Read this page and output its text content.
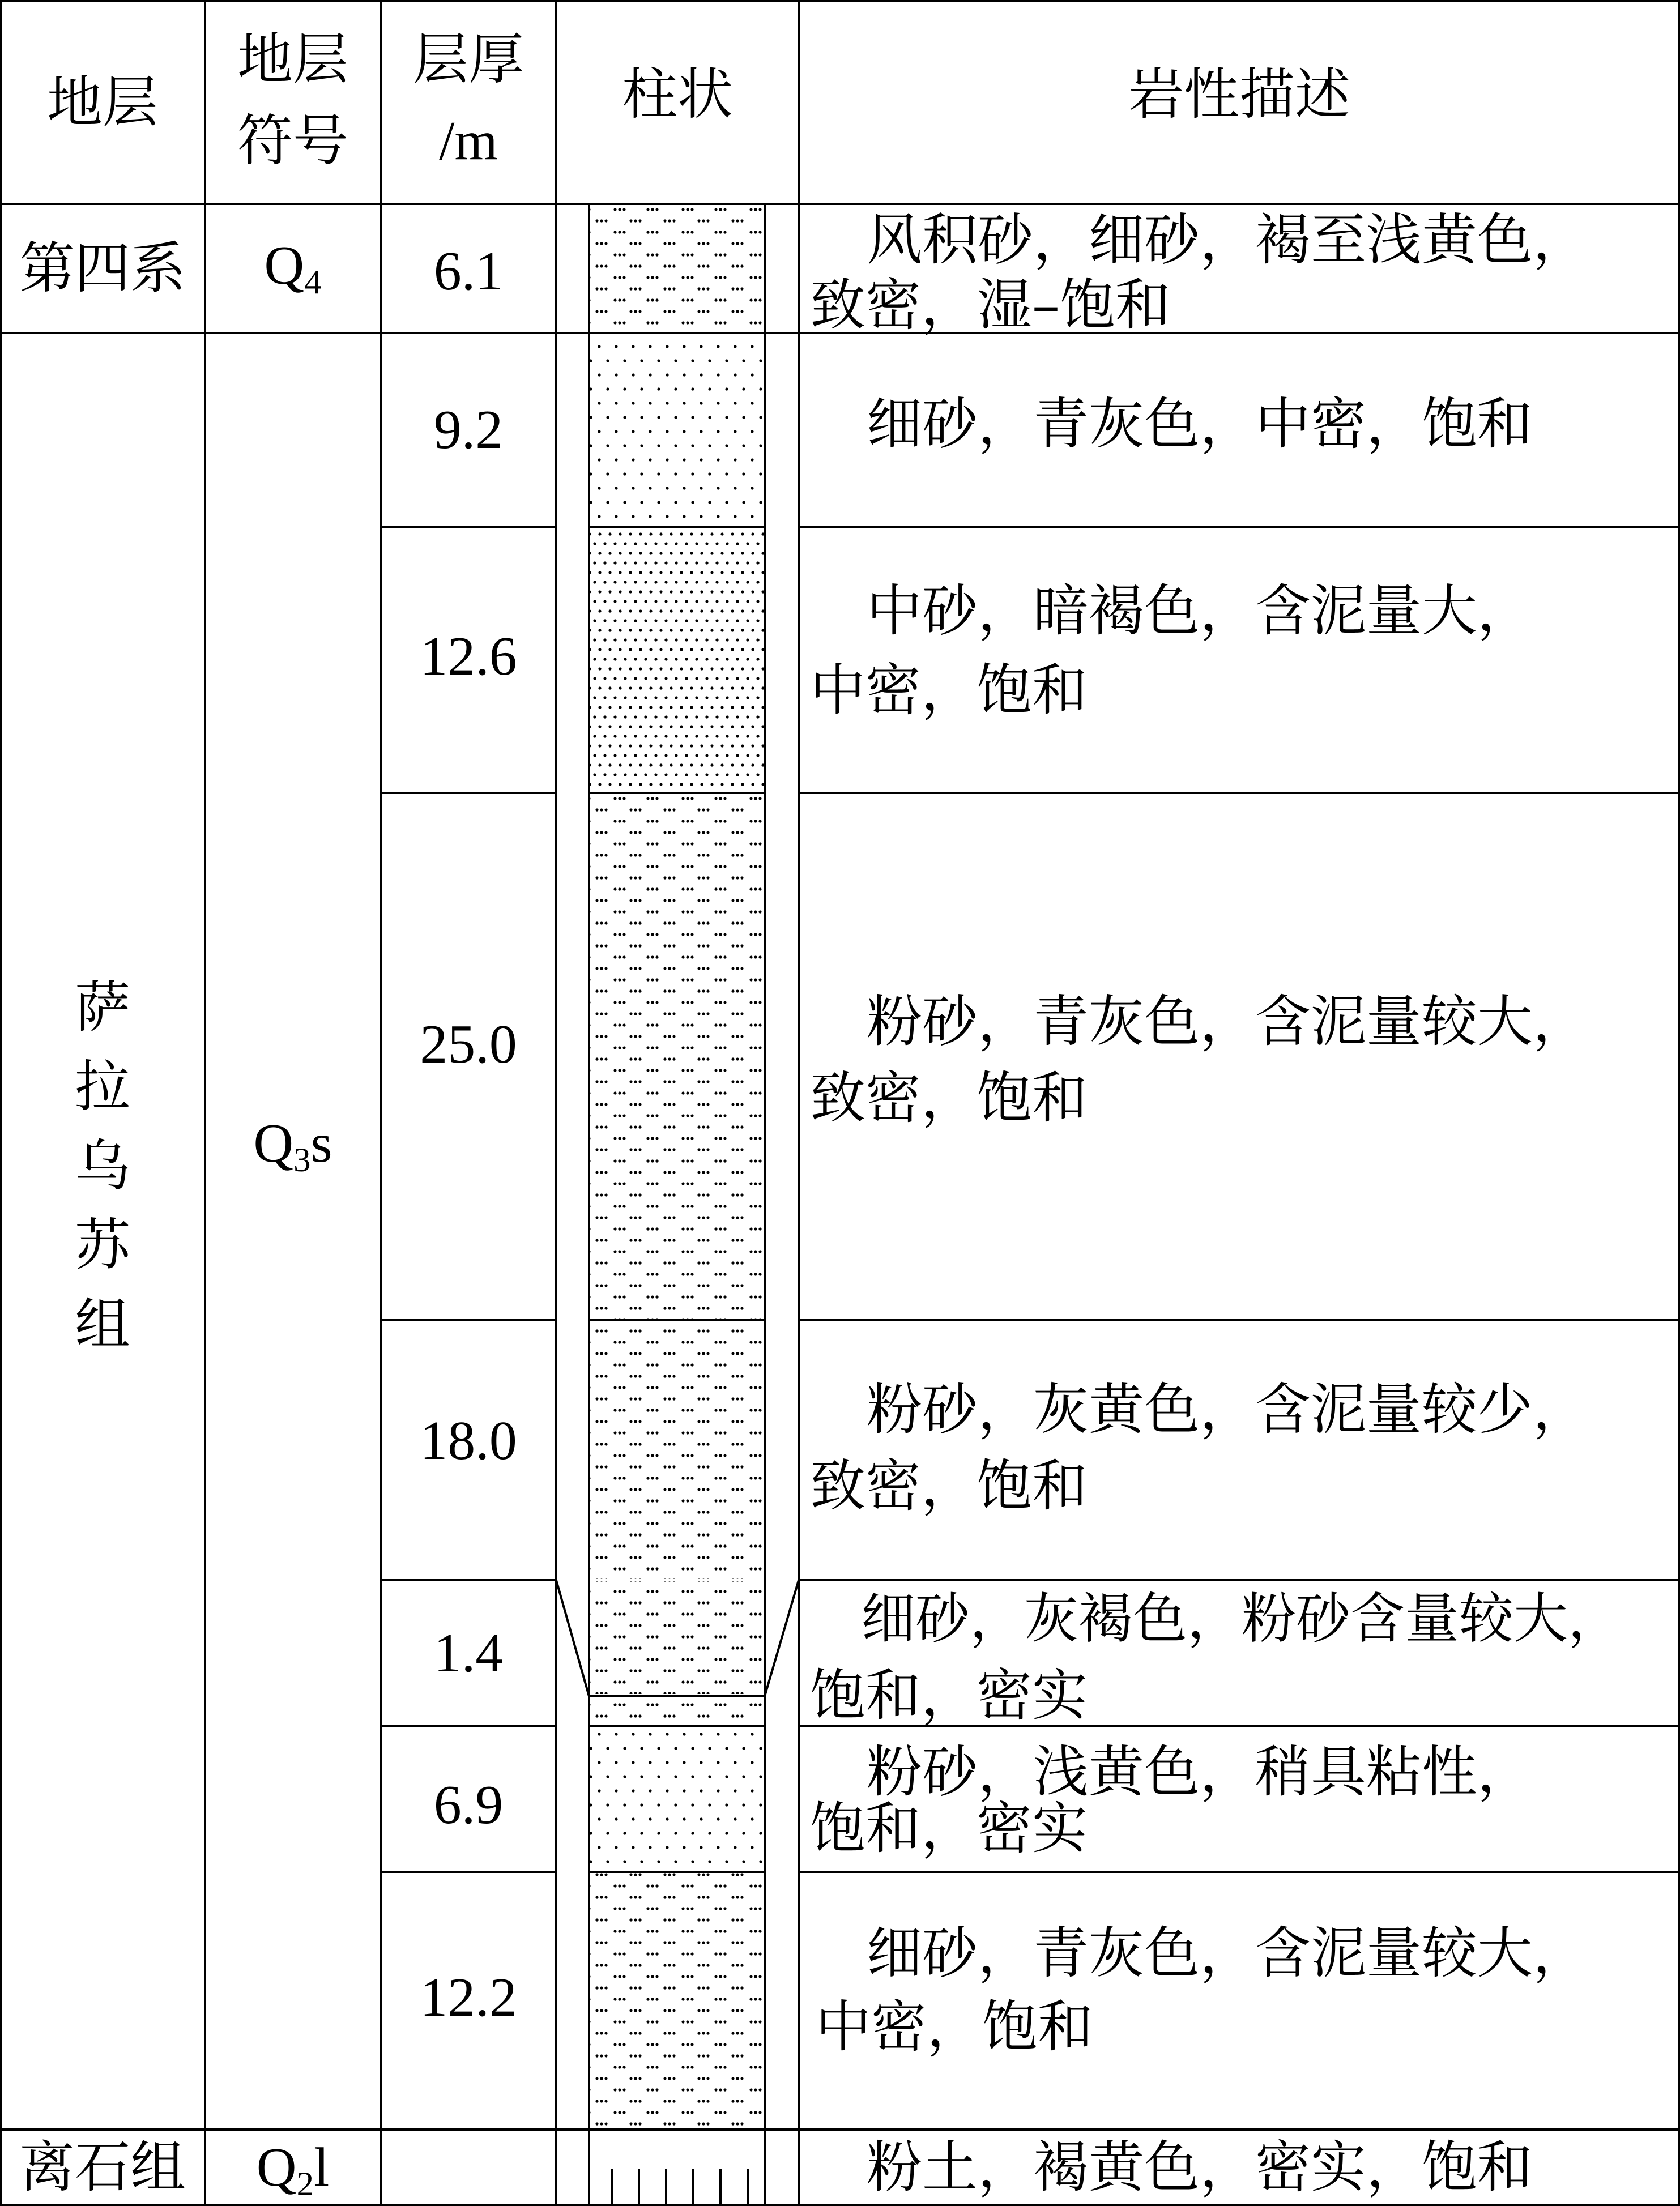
地层
地层
符号
层厚
/m
柱状	岩性描述
第四系
萨
拉
乌
苏
组
离石组
$Q_4$
$Q_3s$
$Q_2l$
6.1
9.2
12.6
25.0
18.0
1.4
6.9
12.2
风积砂，细砂，褐至浅黄色，
致密，湿–饱和
细砂，青灰色，中密，饱和
中砂，暗褐色，含泥量大，
中密，饱和
粉砂，青灰色，含泥量较大，
致密，饱和
粉砂，灰黄色，含泥量较少，
致密，饱和
细砂，灰褐色，粉砂含量较大，
饱和，密实
粉砂，浅黄色，稍具粘性，
饱和，密实
细砂，青灰色，含泥量较大，
中密，饱和
粉土，褐黄色，密实，饱和
